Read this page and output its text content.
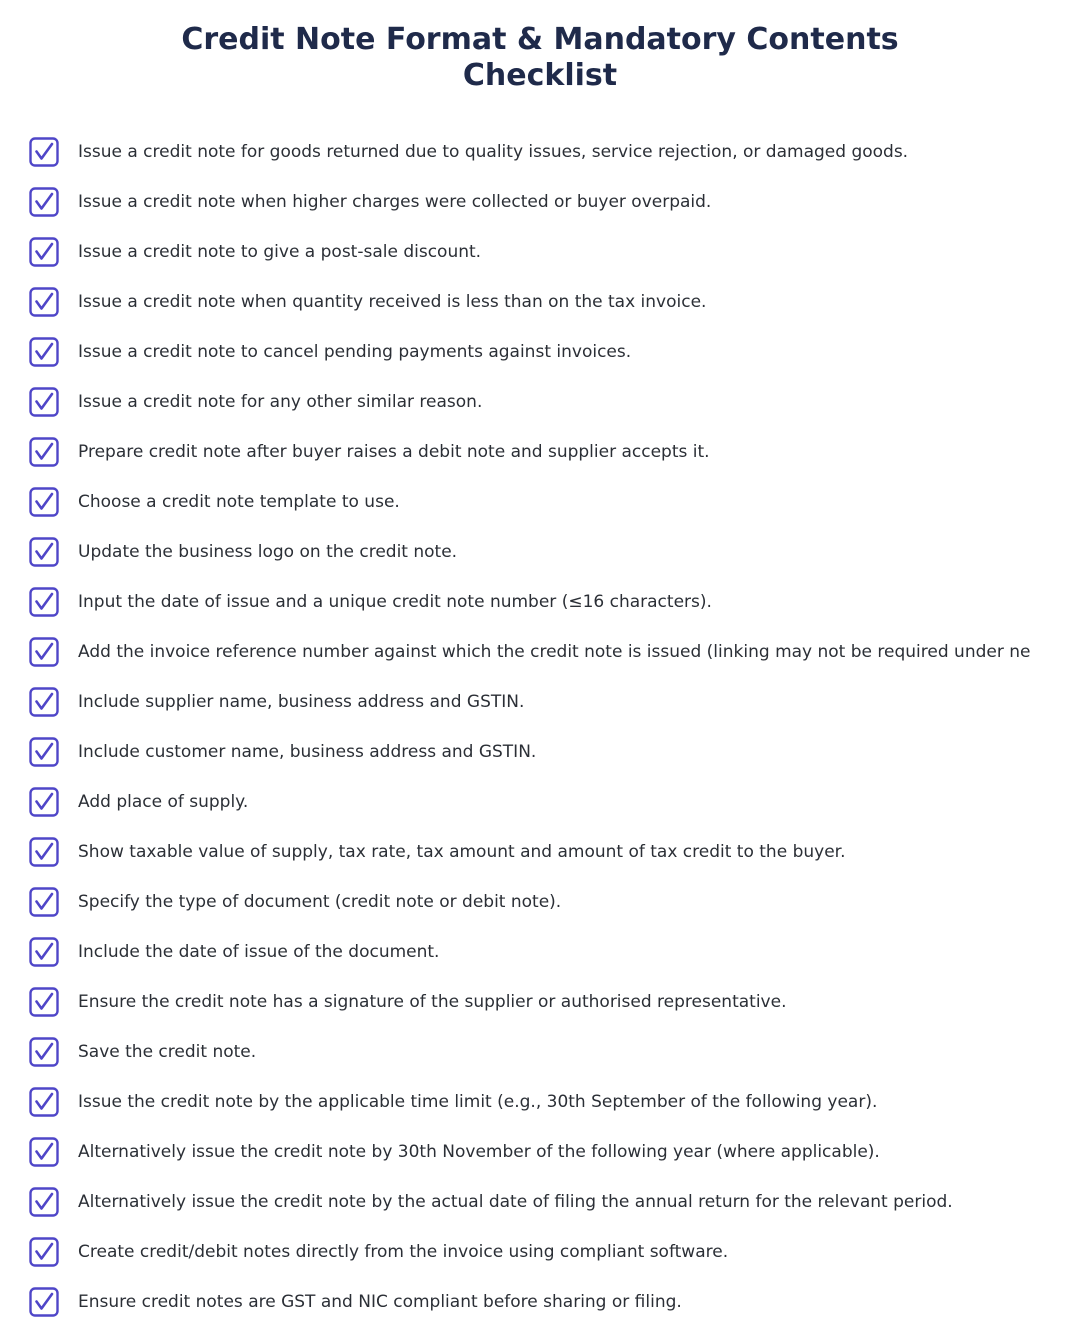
Credit Note Format & Mandatory Contents
Checklist
Issue a credit note for goods returned due to quality issues, service rejection, or damaged goods.
Issue a credit note when higher charges were collected or buyer overpaid.
Issue a credit note to give a post-sale discount.
Issue a credit note when quantity received is less than on the tax invoice.
Issue a credit note to cancel pending payments against invoices.
Issue a credit note for any other similar reason.
Prepare credit note after buyer raises a debit note and supplier accepts it.
Choose a credit note template to use.
Update the business logo on the credit note.
Input the date of issue and a unique credit note number (≤16 characters).
Add the invoice reference number against which the credit note is issued (linking may not be required under ne
Include supplier name, business address and GSTIN.
Include customer name, business address and GSTIN.
Add place of supply.
Show taxable value of supply, tax rate, tax amount and amount of tax credit to the buyer.
Specify the type of document (credit note or debit note).
Include the date of issue of the document.
Ensure the credit note has a signature of the supplier or authorised representative.
Save the credit note.
Issue the credit note by the applicable time limit (e.g., 30th September of the following year).
Alternatively issue the credit note by 30th November of the following year (where applicable).
Alternatively issue the credit note by the actual date of filing the annual return for the relevant period.
Create credit/debit notes directly from the invoice using compliant software.
Ensure credit notes are GST and NIC compliant before sharing or filing.
